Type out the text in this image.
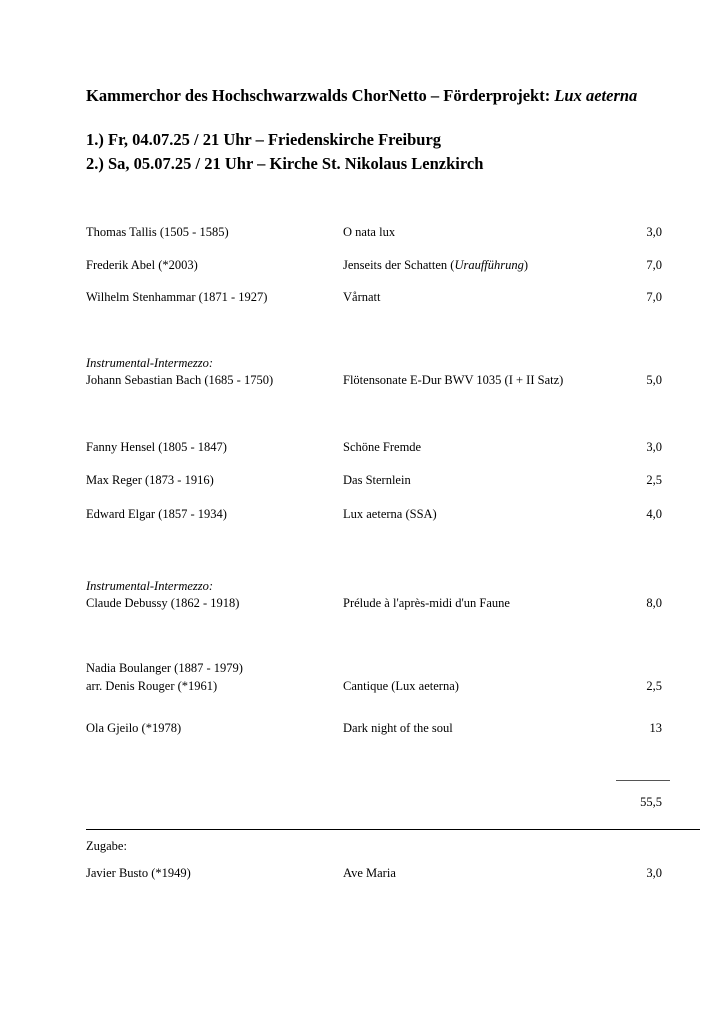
Kammerchor des Hochschwarzwalds ChorNetto – Förderprojekt: Lux aeterna
1.) Fr, 04.07.25 / 21 Uhr – Friedenskirche Freiburg
2.) Sa, 05.07.25 / 21 Uhr – Kirche St. Nikolaus Lenzkirch
Thomas Tallis (1505 - 1585)	O nata lux	3,0
Frederik Abel (*2003)	Jenseits der Schatten (Uraufführung)	7,0
Wilhelm Stenhammar (1871 - 1927)	Vårnatt	7,0
Instrumental-Intermezzo:
Johann Sebastian Bach (1685 - 1750)	Flötensonate E-Dur BWV 1035 (I + II Satz)	5,0
Fanny Hensel (1805 - 1847)	Schöne Fremde	3,0
Max Reger (1873 - 1916)	Das Sternlein	2,5
Edward Elgar (1857 - 1934)	Lux aeterna (SSA)	4,0
Instrumental-Intermezzo:
Claude Debussy (1862 - 1918)	Prélude à l'après-midi d'un Faune	8,0
Nadia Boulanger (1887 - 1979)
arr. Denis Rouger (*1961)	Cantique (Lux aeterna)	2,5
Ola Gjeilo (*1978)	Dark night of the soul	13
55,5
Zugabe:
Javier Busto (*1949)	Ave Maria	3,0
